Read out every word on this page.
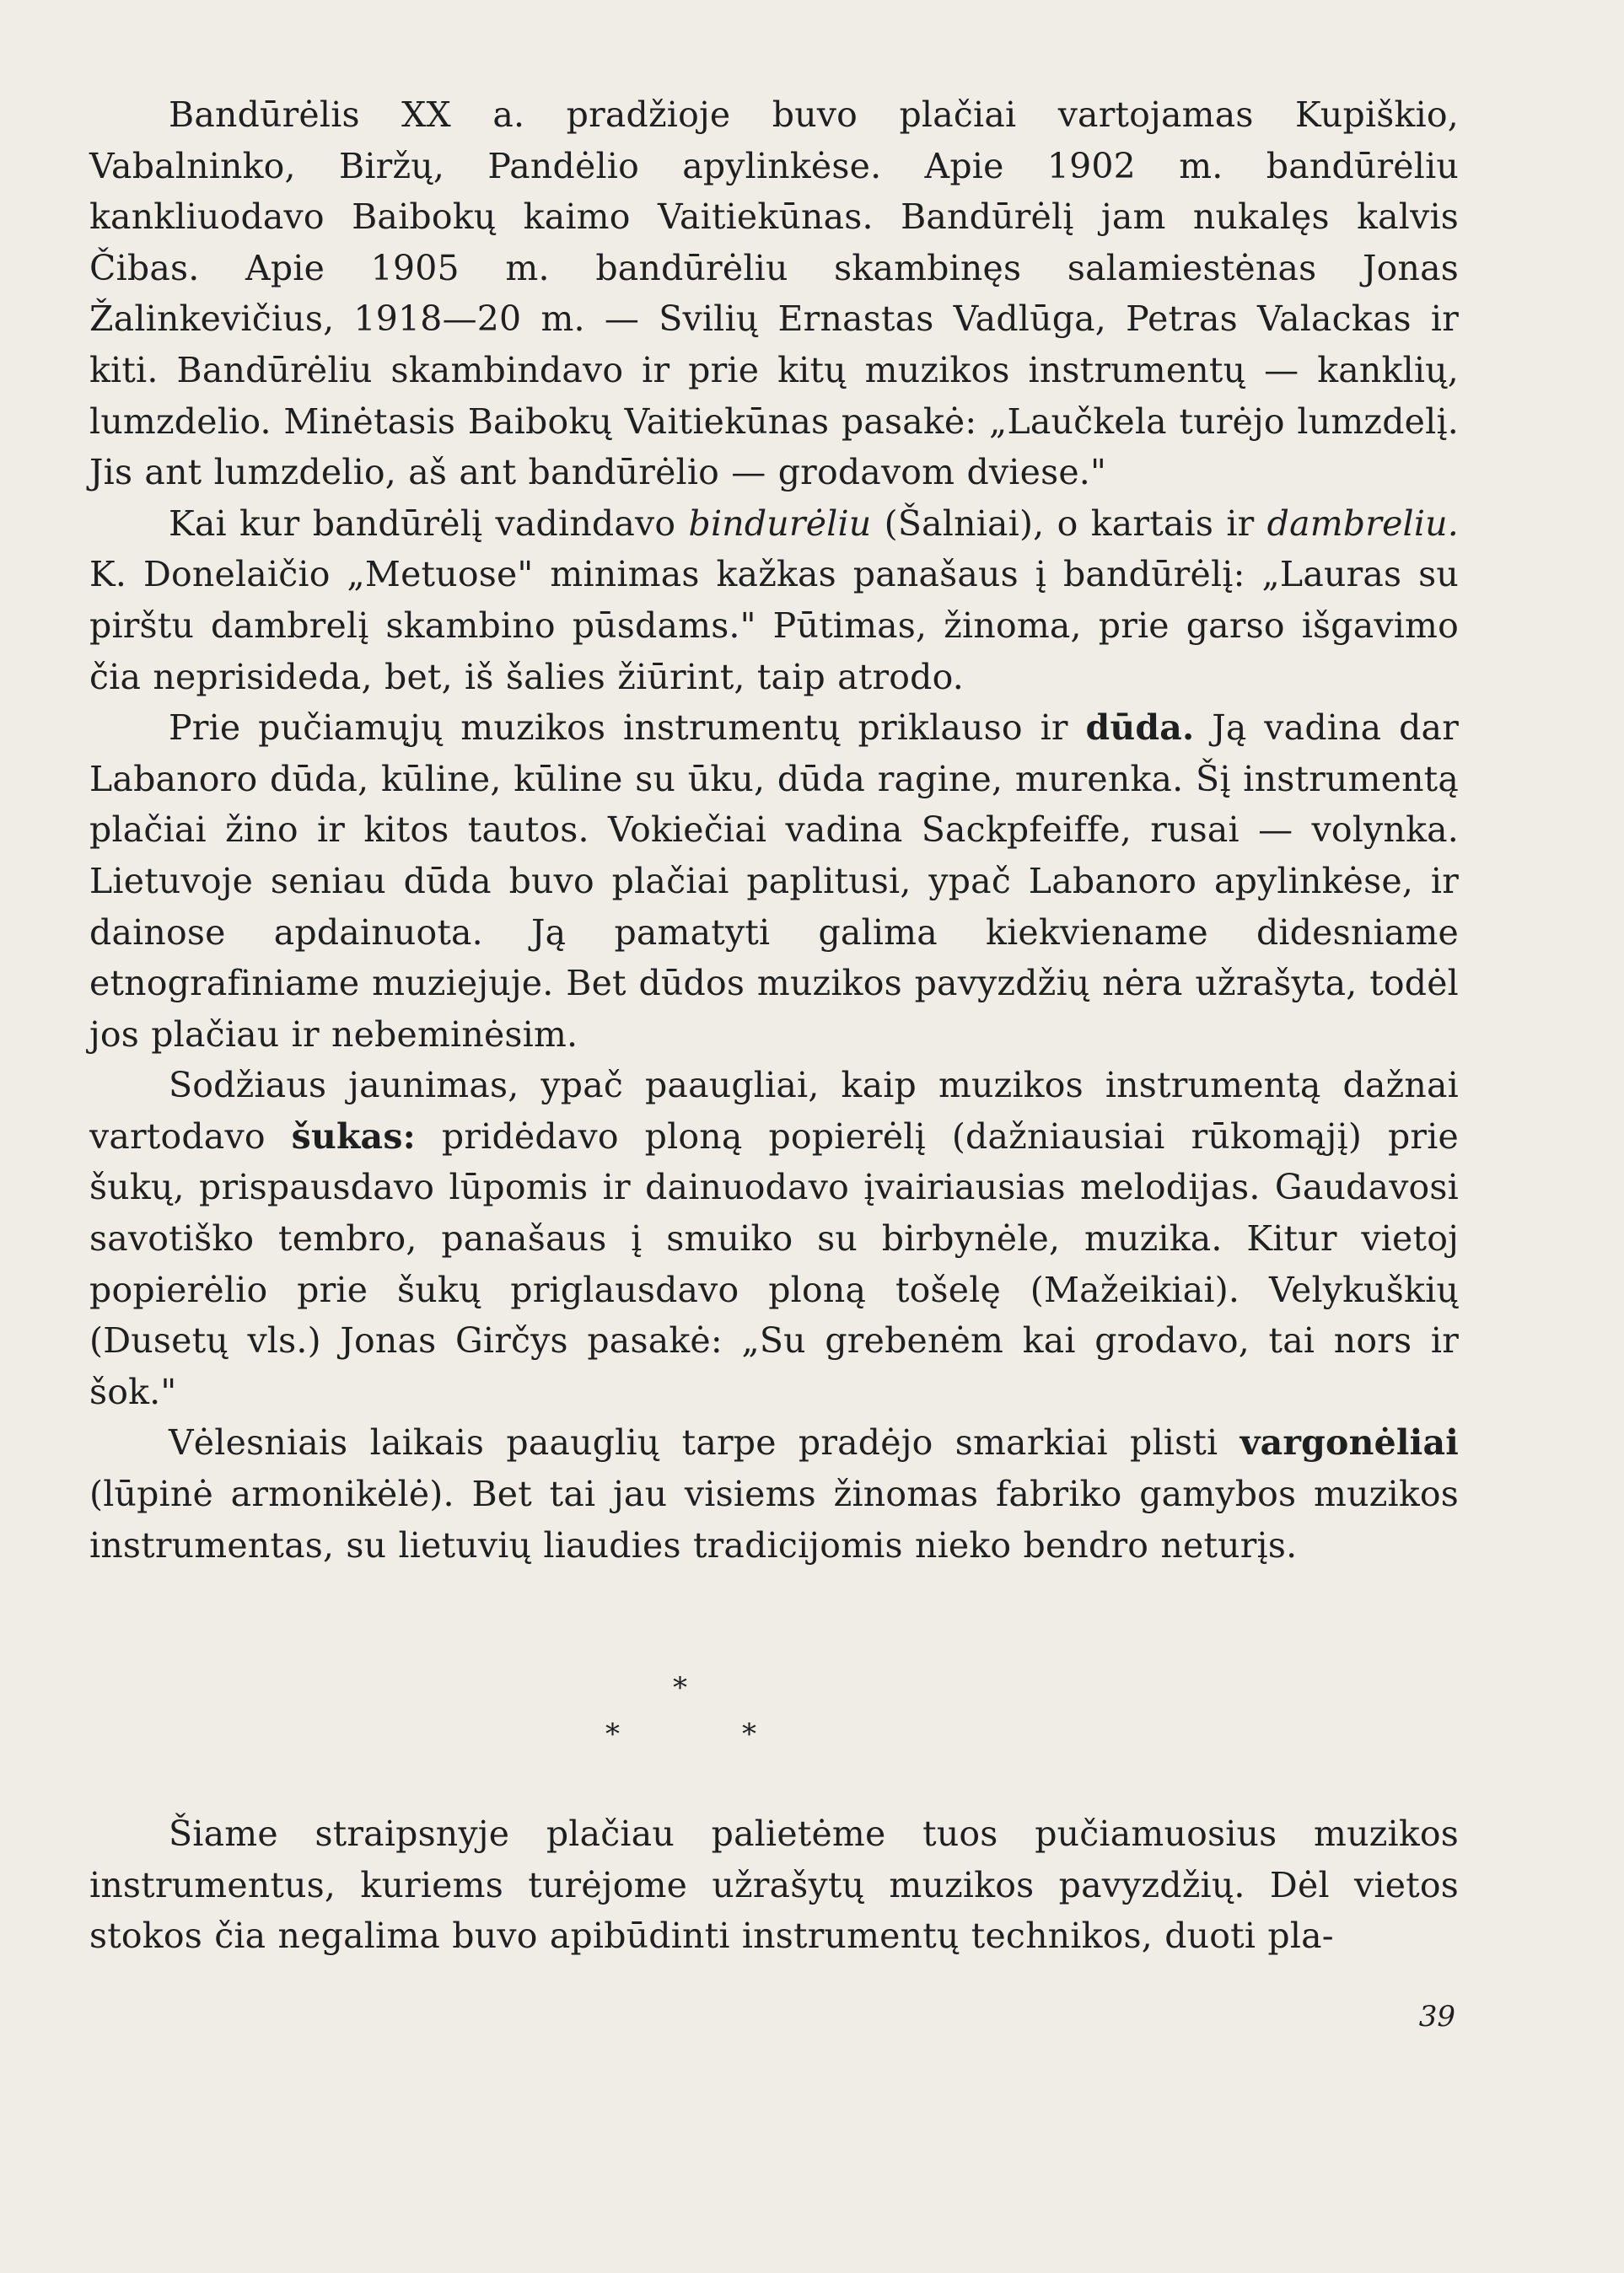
Bandūrėlis XX a. pradžioje buvo plačiai vartojamas Kupiškio, Vabalninko, Biržų, Pandėlio apylinkėse. Apie 1902 m. bandūrėliu kankliuodavo Baibokų kaimo Vaitiekūnas. Bandūrėlį jam nukalęs kalvis Čibas. Apie 1905 m. bandūrėliu skambinęs salamiestėnas Jonas Žalinkevičius, 1918—20 m. — Svilių Ernastas Vadlūga, Petras Valackas ir kiti. Bandūrėliu skambindavo ir prie kitų muzikos instrumentų — kanklių, lumzdelio. Minėtasis Baibokų Vaitiekūnas pasakė: „Laučkela turėjo lumzdelį. Jis ant lumzdelio, aš ant bandūrėlio — grodavom dviese."

Kai kur bandūrėlį vadindavo bindurėliu (Šalniai), o kartais ir dambreliu. K. Donelaičio „Metuose" minimas kažkas panašaus į bandūrėlį: „Lauras su pirštu dambrelį skambino pūsdams." Pūtimas, žinoma, prie garso išgavimo čia neprisideda, bet, iš šalies žiūrint, taip atrodo.

Prie pučiamųjų muzikos instrumentų priklauso ir dūda. Ją vadina dar Labanoro dūda, kūline, kūline su ūku, dūda ragine, murenka. Šį instrumentą plačiai žino ir kitos tautos. Vokiečiai vadina Sackpfeiffe, rusai — volynka. Lietuvoje seniau dūda buvo plačiai paplitusi, ypač Labanoro apylinkėse, ir dainose apdainuota. Ją pamatyti galima kiekviename didesniame etnografiniame muziejuje. Bet dūdos muzikos pavyzdžių nėra užrašyta, todėl jos plačiau ir nebeminėsim.

Sodžiaus jaunimas, ypač paaugliai, kaip muzikos instrumentą dažnai vartodavo šukas: pridėdavo ploną popierėlį (dažniausiai rūkomąjį) prie šukų, prispausdavo lūpomis ir dainuodavo įvairiausias melodijas. Gaudavosi savotiško tembro, panašaus į smuiko su birbynėle, muzika. Kitur vietoj popierėlio prie šukų priglausdavo ploną tošelę (Mažeikiai). Velykuškių (Dusetų vls.) Jonas Girčys pasakė: „Su grebenėm kai grodavo, tai nors ir šok."

Vėlesniais laikais paauglių tarpe pradėjo smarkiai plisti vargonėliai (lūpinė armonikėlė). Bet tai jau visiems žinomas fabriko gamybos muzikos instrumentas, su lietuvių liaudies tradicijomis nieko bendro neturįs.

*
*	*

Šiame straipsnyje plačiau palietėme tuos pučiamuosius muzikos instrumentus, kuriems turėjome užrašytų muzikos pavyzdžių. Dėl vietos stokos čia negalima buvo apibūdinti instrumentų technikos, duoti pla-

39
